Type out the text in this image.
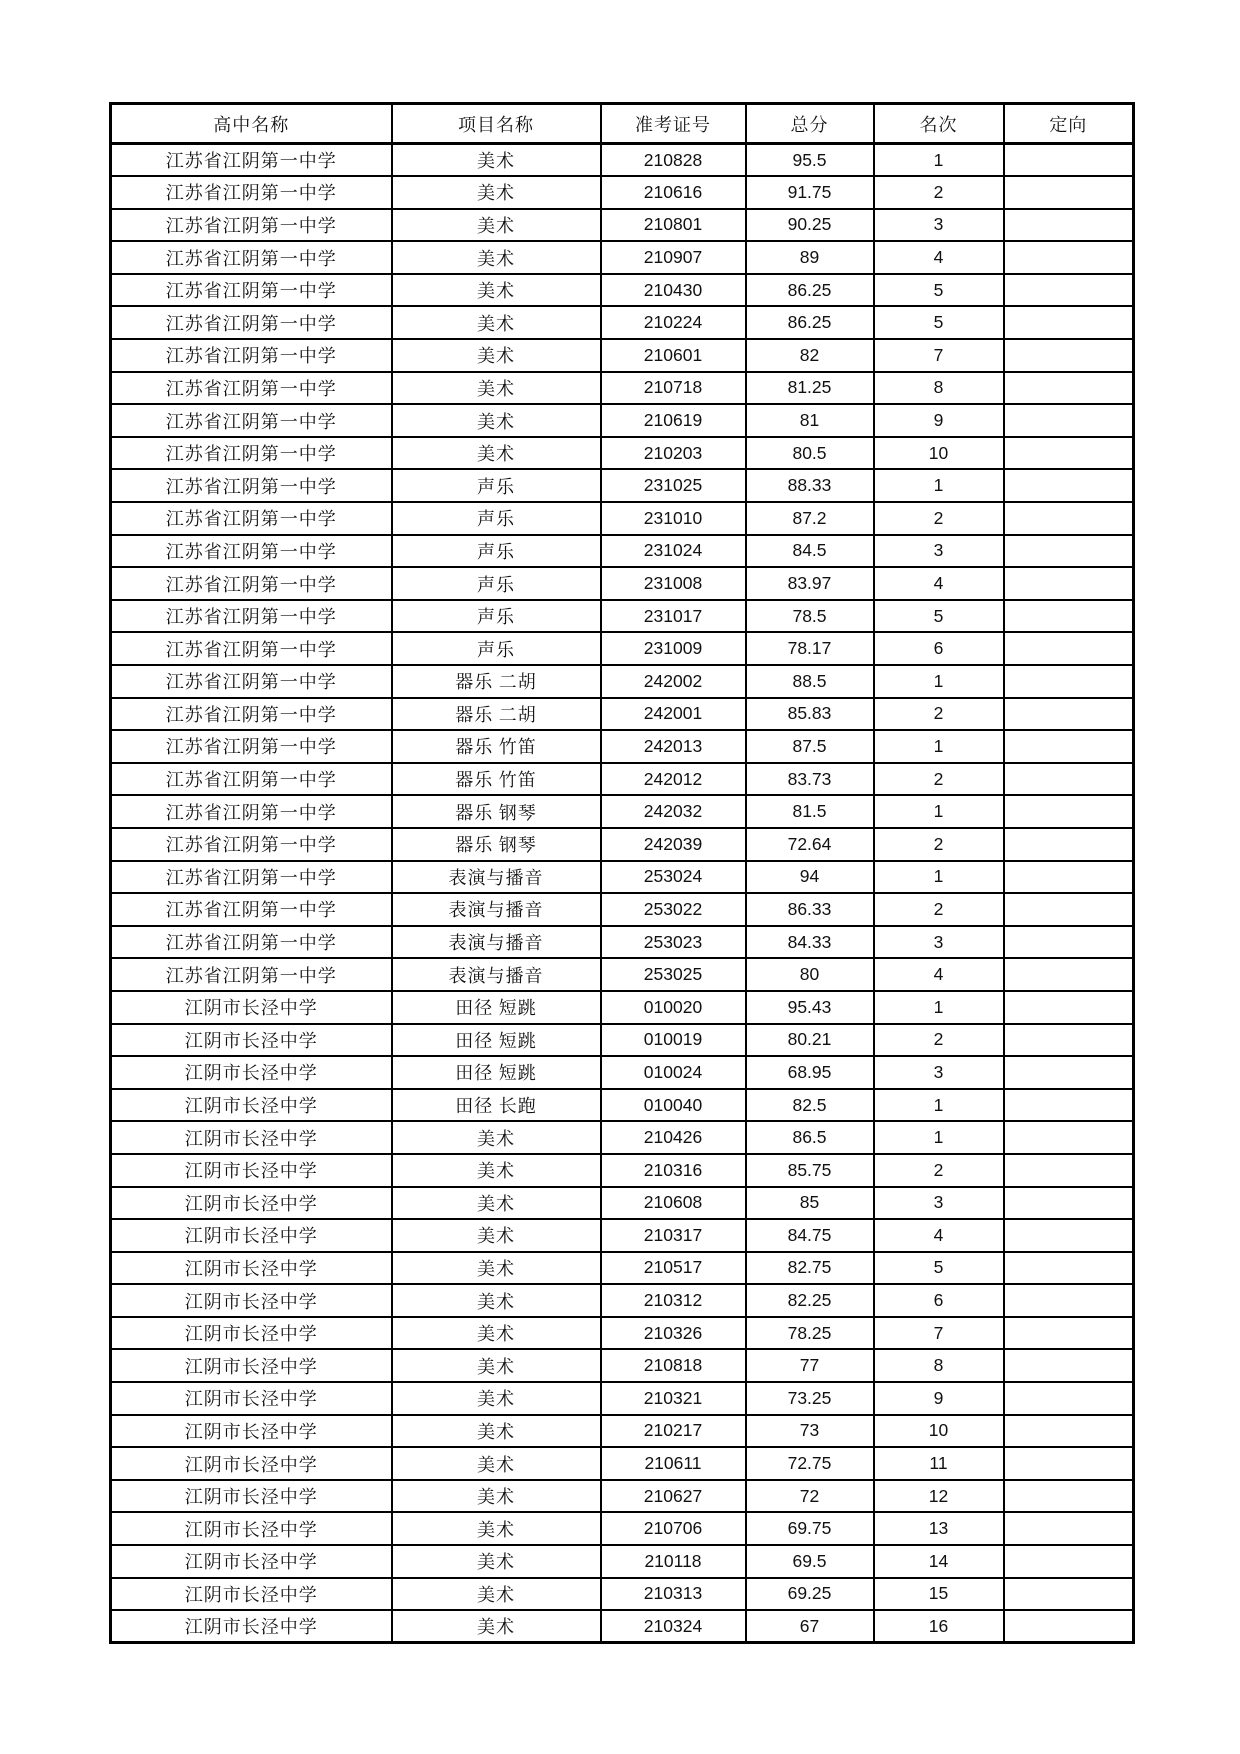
高中名称	项目名称	准考证号	总分	名次	定向
江苏省江阴第一中学	美术	210828	95.5	1	
江苏省江阴第一中学	美术	210616	91.75	2	
江苏省江阴第一中学	美术	210801	90.25	3	
江苏省江阴第一中学	美术	210907	89	4	
江苏省江阴第一中学	美术	210430	86.25	5	
江苏省江阴第一中学	美术	210224	86.25	5	
江苏省江阴第一中学	美术	210601	82	7	
江苏省江阴第一中学	美术	210718	81.25	8	
江苏省江阴第一中学	美术	210619	81	9	
江苏省江阴第一中学	美术	210203	80.5	10	
江苏省江阴第一中学	声乐	231025	88.33	1	
江苏省江阴第一中学	声乐	231010	87.2	2	
江苏省江阴第一中学	声乐	231024	84.5	3	
江苏省江阴第一中学	声乐	231008	83.97	4	
江苏省江阴第一中学	声乐	231017	78.5	5	
江苏省江阴第一中学	声乐	231009	78.17	6	
江苏省江阴第一中学	器乐 二胡	242002	88.5	1	
江苏省江阴第一中学	器乐 二胡	242001	85.83	2	
江苏省江阴第一中学	器乐 竹笛	242013	87.5	1	
江苏省江阴第一中学	器乐 竹笛	242012	83.73	2	
江苏省江阴第一中学	器乐 钢琴	242032	81.5	1	
江苏省江阴第一中学	器乐 钢琴	242039	72.64	2	
江苏省江阴第一中学	表演与播音	253024	94	1	
江苏省江阴第一中学	表演与播音	253022	86.33	2	
江苏省江阴第一中学	表演与播音	253023	84.33	3	
江苏省江阴第一中学	表演与播音	253025	80	4	
江阴市长泾中学	田径 短跳	010020	95.43	1	
江阴市长泾中学	田径 短跳	010019	80.21	2	
江阴市长泾中学	田径 短跳	010024	68.95	3	
江阴市长泾中学	田径 长跑	010040	82.5	1	
江阴市长泾中学	美术	210426	86.5	1	
江阴市长泾中学	美术	210316	85.75	2	
江阴市长泾中学	美术	210608	85	3	
江阴市长泾中学	美术	210317	84.75	4	
江阴市长泾中学	美术	210517	82.75	5	
江阴市长泾中学	美术	210312	82.25	6	
江阴市长泾中学	美术	210326	78.25	7	
江阴市长泾中学	美术	210818	77	8	
江阴市长泾中学	美术	210321	73.25	9	
江阴市长泾中学	美术	210217	73	10	
江阴市长泾中学	美术	210611	72.75	11	
江阴市长泾中学	美术	210627	72	12	
江阴市长泾中学	美术	210706	69.75	13	
江阴市长泾中学	美术	210118	69.5	14	
江阴市长泾中学	美术	210313	69.25	15	
江阴市长泾中学	美术	210324	67	16	
